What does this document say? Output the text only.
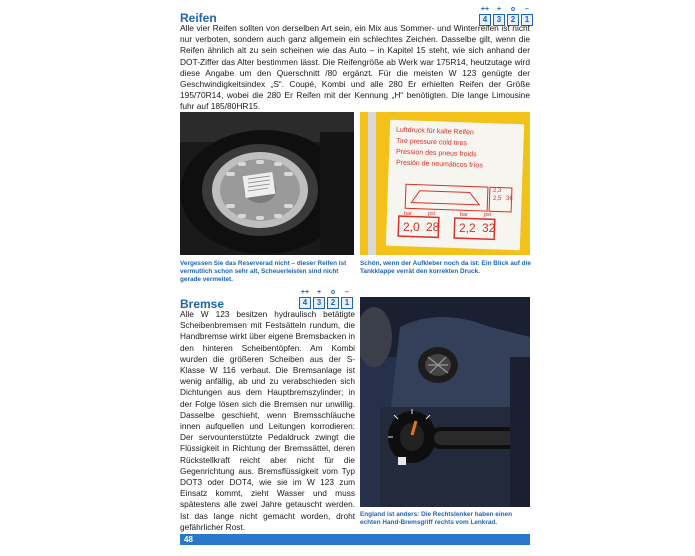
Reifen
++
4
+
3
o
2
–
1

Alle vier Reifen sollten von derselben Art sein, ein Mix aus Sommer- und Winterreifen ist nicht nur verboten, sondern auch ganz allgemein ein schlechtes Zeichen. Dasselbe gilt, wenn die Reifen ähnlich alt zu sein scheinen wie das Auto – in Kapitel 15 steht, wie sich anhand der DOT-Ziffer das Alter bestimmen lässt. Die Reifengröße ab Werk war 175R14, heutzutage wird diese Angabe um den Querschnitt /80 ergänzt. Für die meisten W 123 genügte der Geschwindigkeitsindex „S“. Coupé, Kombi und alle 280 Er erhielten Reifen der Größe 195/70R14, wobei die 280 Er Reifen mit der Kennung „H“ benötigten. Die lange Limousine fuhr auf 185/80HR15.

Vergessen Sie das Reserverad nicht – dieser Reifen ist vermutlich schon sehr alt, Scheuerleisten sind nicht gerade vermeitet.
Luftdruck für kalte Reifen
Tire pressure cold tires
Pression des pneus froids
Presión de neumáticos fríos
2,3
2,5 36
bar	psi	bar	psi
2,0 28 2,2 32
Schön, wenn der Aufkleber noch da ist: Ein Blick auf die Tankklappe verrät den korrekten Druck.
Bremse
++
4
+
3
o
2
–
1

Alle W 123 besitzen hydraulisch betätigte Scheibenbremsen mit Festsätteln rundum, die Handbremse wirkt über eigene Bremsbacken in den hinteren Scheibentöpfen. Am Kombi wurden die größeren Scheiben aus der S-Klasse W 116 verbaut. Die Bremsanlage ist wenig anfällig, ab und zu verabschieden sich Dichtungen aus dem Hauptbremszylinder; in der Folge lösen sich die Bremsen nur unwillig. Dasselbe geschieht, wenn Bremsschläuche innen aufquellen und Leitungen korrodieren: Der servounterstützte Pedaldruck zwingt die Flüssigkeit in Richtung der Bremssättel, deren Rückstellkraft reicht aber nicht für die Gegenrichtung aus. Bremsflüssigkeit vom Typ DOT3 oder DOT4, wie sie im W 123 zum Einsatz kommt, zieht Wasser und muss spätestens alle zwei Jahre getauscht werden. Ist das lange nicht gemacht worden, droht gefährlicher Rost.

England ist anders: Die Rechtslenker haben einen echten Hand-Bremsgriff rechts vom Lenkrad.
48
